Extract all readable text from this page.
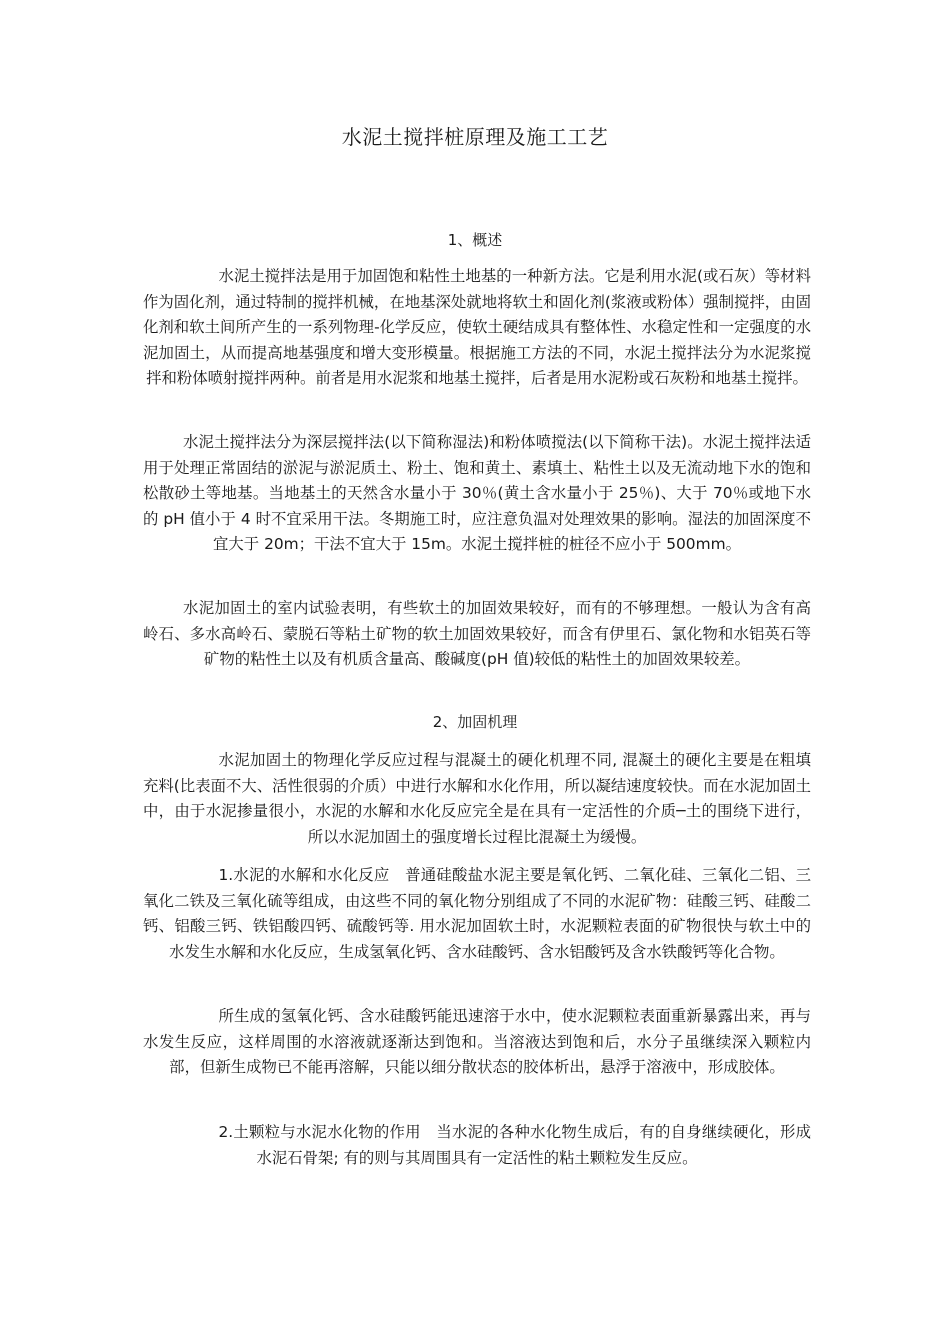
水泥土搅拌桩原理及施工工艺
1、概述

水泥土搅拌法是用于加固饱和粘性土地基的一种新方法。它是利用水泥(或石灰）等材料作为固化剂，通过特制的搅拌机械，在地基深处就地将软土和固化剂(浆液或粉体）强制搅拌，由固化剂和软土间所产生的一系列物理-化学反应，使软土硬结成具有整体性、水稳定性和一定强度的水泥加固土，从而提高地基强度和增大变形模量。根据施工方法的不同，水泥土搅拌法分为水泥浆搅拌和粉体喷射搅拌两种。前者是用水泥浆和地基土搅拌，后者是用水泥粉或石灰粉和地基土搅拌。

水泥土搅拌法分为深层搅拌法(以下简称湿法)和粉体喷搅法(以下简称干法)。水泥土搅拌法适用于处理正常固结的淤泥与淤泥质土、粉土、饱和黄土、素填土、粘性土以及无流动地下水的饱和松散砂土等地基。当地基土的天然含水量小于 30％(黄土含水量小于 25％)、大于 70％或地下水的 pH 值小于 4 时不宜采用干法。冬期施工时，应注意负温对处理效果的影响。湿法的加固深度不宜大于 20m；干法不宜大于 15m。水泥土搅拌桩的桩径不应小于 500mm。

水泥加固土的室内试验表明，有些软土的加固效果较好，而有的不够理想。一般认为含有高岭石、多水高岭石、蒙脱石等粘土矿物的软土加固效果较好，而含有伊里石、氯化物和水铝英石等矿物的粘性土以及有机质含量高、酸碱度(pH 值)较低的粘性土的加固效果较差。

2、加固机理

水泥加固土的物理化学反应过程与混凝土的硬化机理不同, 混凝土的硬化主要是在粗填充料(比表面不大、活性很弱的介质）中进行水解和水化作用，所以凝结速度较快。而在水泥加固土中，由于水泥掺量很小，水泥的水解和水化反应完全是在具有一定活性的介质─土的围绕下进行，所以水泥加固土的强度增长过程比混凝土为缓慢。

1.水泥的水解和水化反应　普通硅酸盐水泥主要是氧化钙、二氧化硅、三氧化二铝、三氧化二铁及三氧化硫等组成，由这些不同的氧化物分别组成了不同的水泥矿物：硅酸三钙、硅酸二钙、铝酸三钙、铁铝酸四钙、硫酸钙等. 用水泥加固软土时，水泥颗粒表面的矿物很快与软土中的水发生水解和水化反应，生成氢氧化钙、含水硅酸钙、含水铝酸钙及含水铁酸钙等化合物。

所生成的氢氧化钙、含水硅酸钙能迅速溶于水中，使水泥颗粒表面重新暴露出来，再与水发生反应，这样周围的水溶液就逐渐达到饱和。当溶液达到饱和后，水分子虽继续深入颗粒内部，但新生成物已不能再溶解，只能以细分散状态的胶体析出，悬浮于溶液中，形成胶体。

2.土颗粒与水泥水化物的作用　当水泥的各种水化物生成后，有的自身继续硬化，形成水泥石骨架; 有的则与其周围具有一定活性的粘土颗粒发生反应。
